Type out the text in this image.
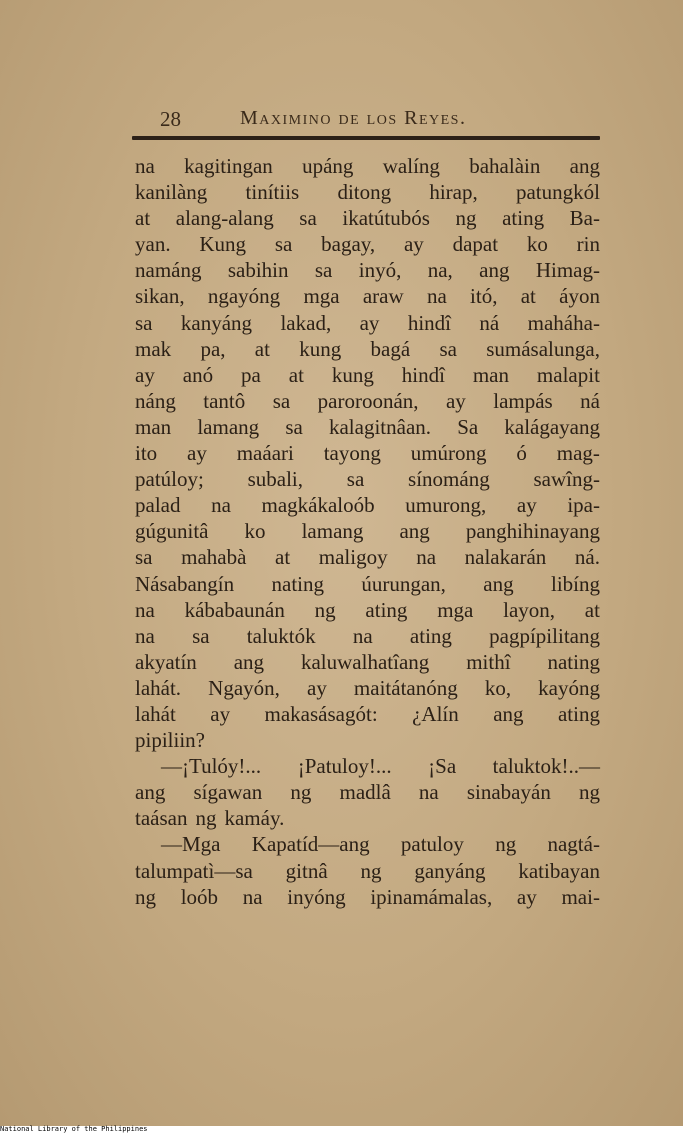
28	Maximino de los Reyes.
na kagitingan upáng walíng bahalàin ang
kanilàng tinítiis ditong hirap, patungkól
at alang-alang sa ikatútubós ng ating Ba-
yan. Kung sa bagay, ay dapat ko rin
namáng sabihin sa inyó, na, ang Himag-
sikan, ngayóng mga araw na itó, at áyon
sa kanyáng lakad, ay hindî ná maháha-
mak pa, at kung bagá sa sumásalunga,
ay anó pa at kung hindî man malapit
náng tantô sa paroroonán, ay lampás ná
man lamang sa kalagitnâan. Sa kalágayang
ito ay maáari tayong umúrong ó mag-
patúloy; subali, sa sínománg sawîng-
palad na magkákaloób umurong, ay ipa-
gúgunitâ ko lamang ang panghihinayang
sa mahabà at maligoy na nalakarán ná.
Násabangín nating úurungan, ang libíng
na kábabaunán ng ating mga layon, at
na sa taluktók na ating pagpípilitang
akyatín ang kaluwalhatîang mithî nating
lahát. Ngayón, ay maitátanóng ko, kayóng
lahát ay makasásagót: ¿Alín ang ating
pipiliin?
—¡Tulóy!... ¡Patuloy!... ¡Sa taluktok!..—
ang sígawan ng madlâ na sinabayán ng
taásan ng kamáy.
—Mga Kapatíd—ang patuloy ng nagtá-
talumpatì—sa gitnâ ng ganyáng katibayan
ng loób na inyóng ipinamámalas, ay mai-
National Library of the Philippines
